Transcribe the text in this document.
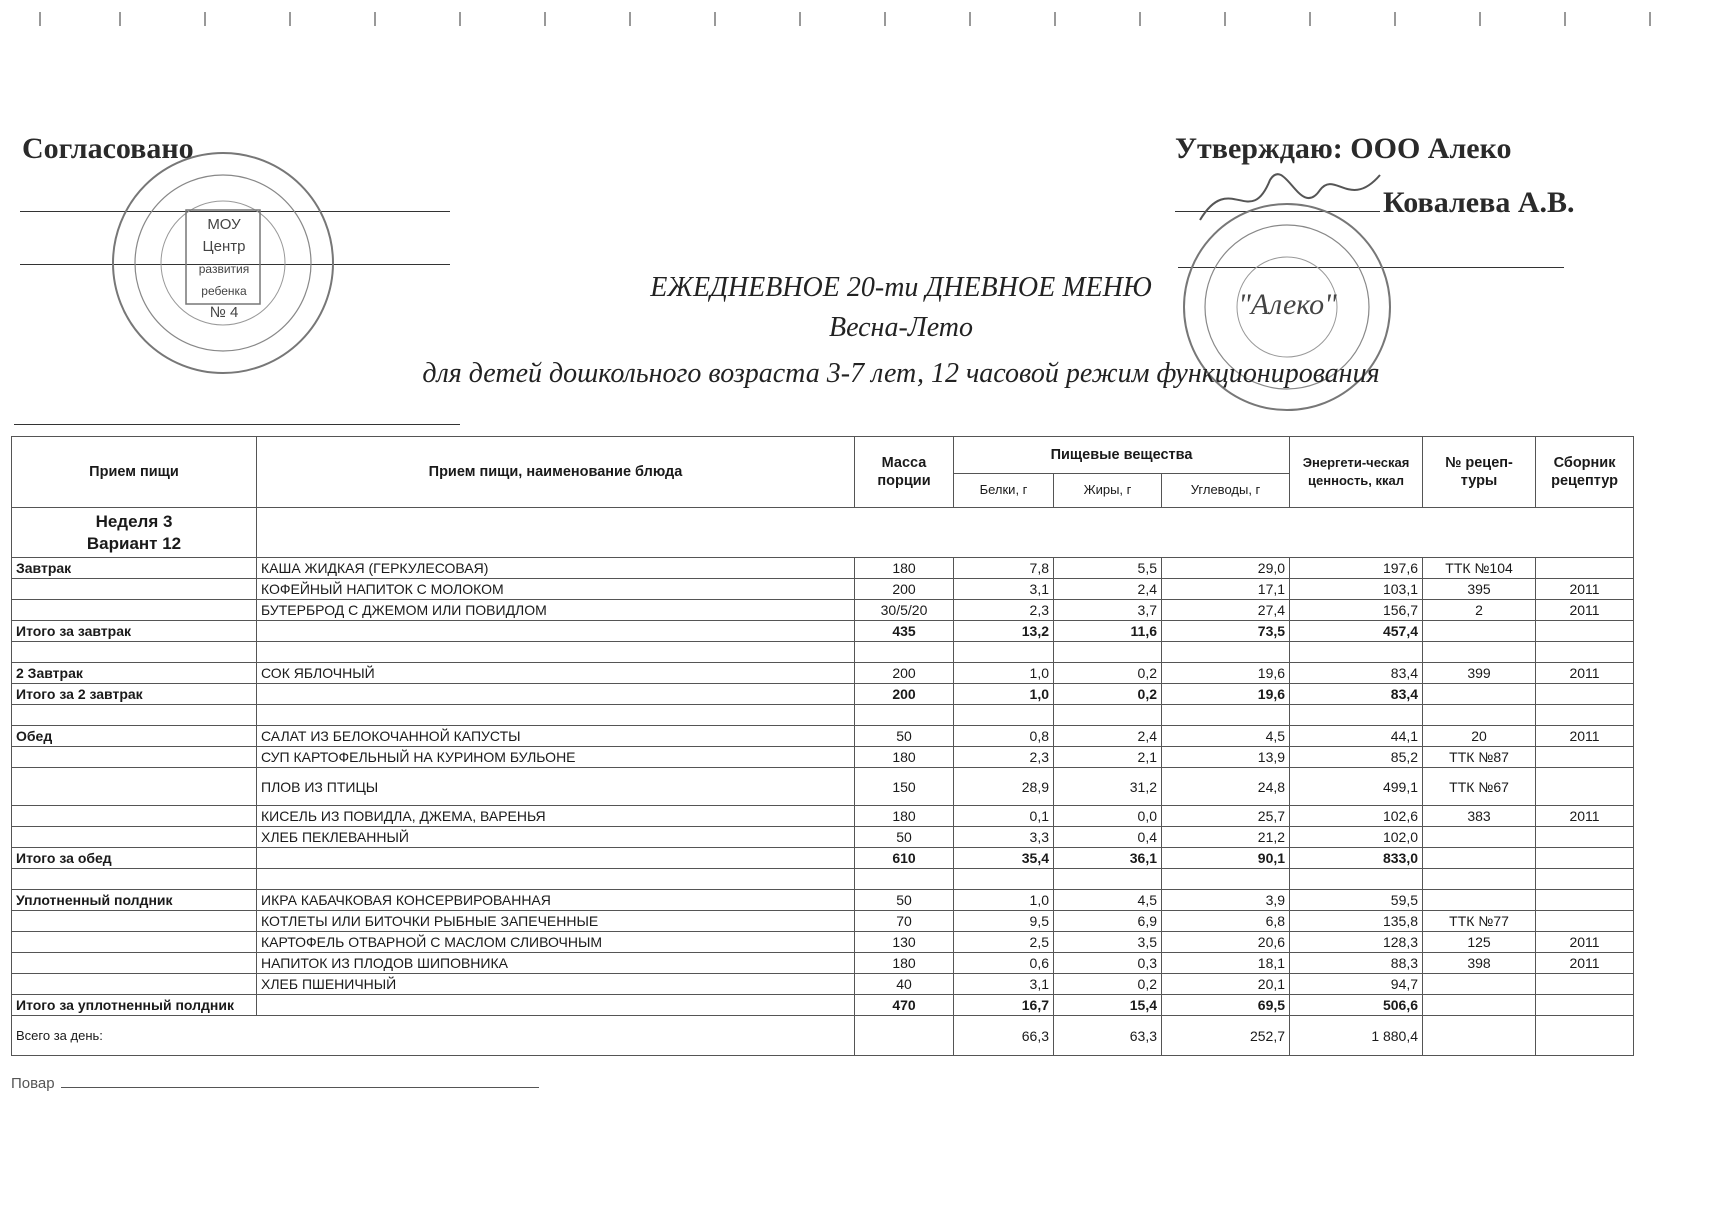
Согласовано	Утверждаю: ООО Алеко
Ковалева А.В.
МОУ Центр
развития ребенка
№ 4	"Алеко"
ЕЖЕДНЕВНОЕ 20-ти ДНЕВНОЕ МЕНЮ
Весна-Лето
для детей дошкольного возраста 3-7 лет, 12 часовой режим функционирования
Прием пищи	Прием пищи, наименование блюда	Масса порции	Пищевые вещества			Энергети-ческая ценность, ккал	№ рецеп-туры	Сборник рецептур
			Белки, г	Жиры, г	Углеводы, г			

Неделя 3
Вариант 12								

Завтрак	КАША ЖИДКАЯ (ГЕРКУЛЕСОВАЯ)	180	7,8	5,5	29,0	197,6	ТТК №104	
	КОФЕЙНЫЙ НАПИТОК С МОЛОКОМ	200	3,1	2,4	17,1	103,1	395	2011
	БУТЕРБРОД С ДЖЕМОМ ИЛИ ПОВИДЛОМ	30/5/20	2,3	3,7	27,4	156,7	2	2011
Итого за завтрак		435	13,2	11,6	73,5	457,4		

2 Завтрак	СОК ЯБЛОЧНЫЙ	200	1,0	0,2	19,6	83,4	399	2011
Итого за 2 завтрак		200	1,0	0,2	19,6	83,4		

Обед	САЛАТ ИЗ БЕЛОКОЧАННОЙ КАПУСТЫ	50	0,8	2,4	4,5	44,1	20	2011
	СУП КАРТОФЕЛЬНЫЙ НА КУРИНОМ БУЛЬОНЕ	180	2,3	2,1	13,9	85,2	ТТК №87	
	ПЛОВ ИЗ ПТИЦЫ	150	28,9	31,2	24,8	499,1	ТТК №67	
	КИСЕЛЬ ИЗ ПОВИДЛА, ДЖЕМА, ВАРЕНЬЯ	180	0,1	0,0	25,7	102,6	383	2011
	ХЛЕБ ПЕКЛЕВАННЫЙ	50	3,3	0,4	21,2	102,0		
Итого за обед		610	35,4	36,1	90,1	833,0		

Уплотненный полдник	ИКРА КАБАЧКОВАЯ КОНСЕРВИРОВАННАЯ	50	1,0	4,5	3,9	59,5		
	КОТЛЕТЫ ИЛИ БИТОЧКИ РЫБНЫЕ ЗАПЕЧЕННЫЕ	70	9,5	6,9	6,8	135,8	ТТК №77	
	КАРТОФЕЛЬ ОТВАРНОЙ С МАСЛОМ СЛИВОЧНЫМ	130	2,5	3,5	20,6	128,3	125	2011
	НАПИТОК ИЗ ПЛОДОВ ШИПОВНИКА	180	0,6	0,3	18,1	88,3	398	2011
	ХЛЕБ ПШЕНИЧНЫЙ	40	3,1	0,2	20,1	94,7		
Итого за уплотненный полдник		470	16,7	15,4	69,5	506,6		
Всего за день:			66,3	63,3	252,7	1 880,4		
Повар
